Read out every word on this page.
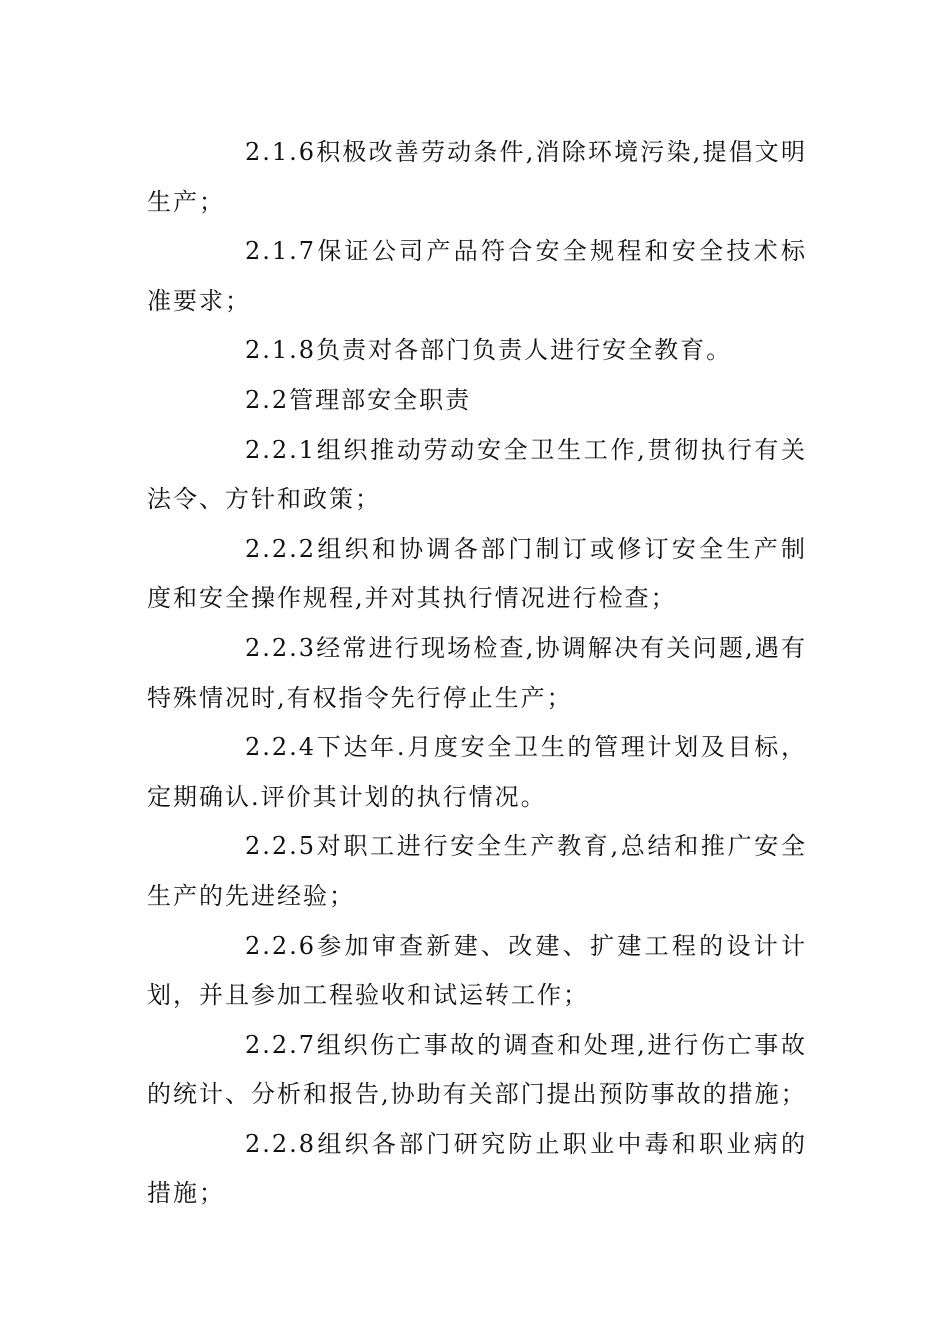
2.1.6积极改善劳动条件,消除环境污染,提倡文明生产；

2.1.7保证公司产品符合安全规程和安全技术标准要求；

2.1.8负责对各部门负责人进行安全教育。

2.2管理部安全职责

2.2.1组织推动劳动安全卫生工作,贯彻执行有关法令、方针和政策；

2.2.2组织和协调各部门制订或修订安全生产制度和安全操作规程,并对其执行情况进行检查；

2.2.3经常进行现场检查,协调解决有关问题,遇有特殊情况时,有权指令先行停止生产；

2.2.4下达年.月度安全卫生的管理计划及目标，定期确认.评价其计划的执行情况。

2.2.5对职工进行安全生产教育,总结和推广安全生产的先进经验；

2.2.6参加审查新建、改建、扩建工程的设计计划，并且参加工程验收和试运转工作；

2.2.7组织伤亡事故的调查和处理,进行伤亡事故的统计、分析和报告,协助有关部门提出预防事故的措施；

2.2.8组织各部门研究防止职业中毒和职业病的措施；
